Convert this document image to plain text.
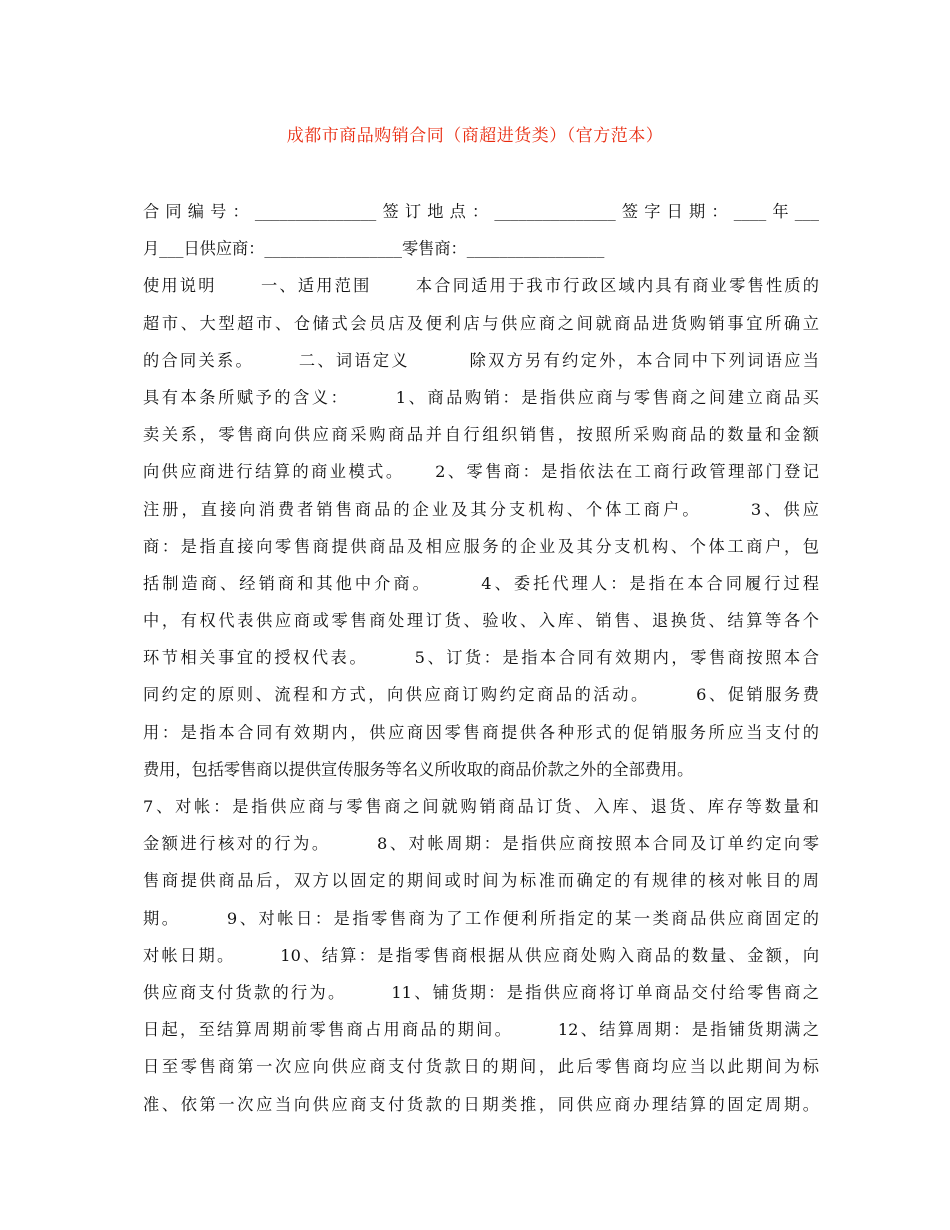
成都市商品购销合同（商超进货类）（官方范本）
合同编号：_______________签订地点：_______________签字日期：____年___
月___日供应商：_________________零售商：_________________
使用说明      一、适用范围      本合同适用于我市行政区域内具有商业零售性质的
超市、大型超市、仓储式会员店及便利店与供应商之间就商品进货购销事宜所确立
的合同关系。      二、词语定义        除双方另有约定外，本合同中下列词语应当
具有本条所赋予的含义：      1、商品购销：是指供应商与零售商之间建立商品买
卖关系，零售商向供应商采购商品并自行组织销售，按照所采购商品的数量和金额
向供应商进行结算的商业模式。    2、零售商：是指依法在工商行政管理部门登记
注册，直接向消费者销售商品的企业及其分支机构、个体工商户。      3、供应
商：是指直接向零售商提供商品及相应服务的企业及其分支机构、个体工商户，包
括制造商、经销商和其他中介商。      4、委托代理人：是指在本合同履行过程
中，有权代表供应商或零售商处理订货、验收、入库、销售、退换货、结算等各个
环节相关事宜的授权代表。      5、订货：是指本合同有效期内，零售商按照本合
同约定的原则、流程和方式，向供应商订购约定商品的活动。      6、促销服务费
用：是指本合同有效期内，供应商因零售商提供各种形式的促销服务所应当支付的
费用，包括零售商以提供宣传服务等名义所收取的商品价款之外的全部费用。
7、对帐：是指供应商与零售商之间就购销商品订货、入库、退货、库存等数量和
金额进行核对的行为。      8、对帐周期：是指供应商按照本合同及订单约定向零
售商提供商品后，双方以固定的期间或时间为标准而确定的有规律的核对帐目的周
期。      9、对帐日：是指零售商为了工作便利所指定的某一类商品供应商固定的
对帐日期。      10、结算：是指零售商根据从供应商处购入商品的数量、金额，向
供应商支付货款的行为。      11、铺货期：是指供应商将订单商品交付给零售商之
日起，至结算周期前零售商占用商品的期间。      12、结算周期：是指铺货期满之
日至零售商第一次应向供应商支付货款日的期间，此后零售商均应当以此期间为标
准、依第一次应当向供应商支付货款的日期类推，同供应商办理结算的固定周期。
